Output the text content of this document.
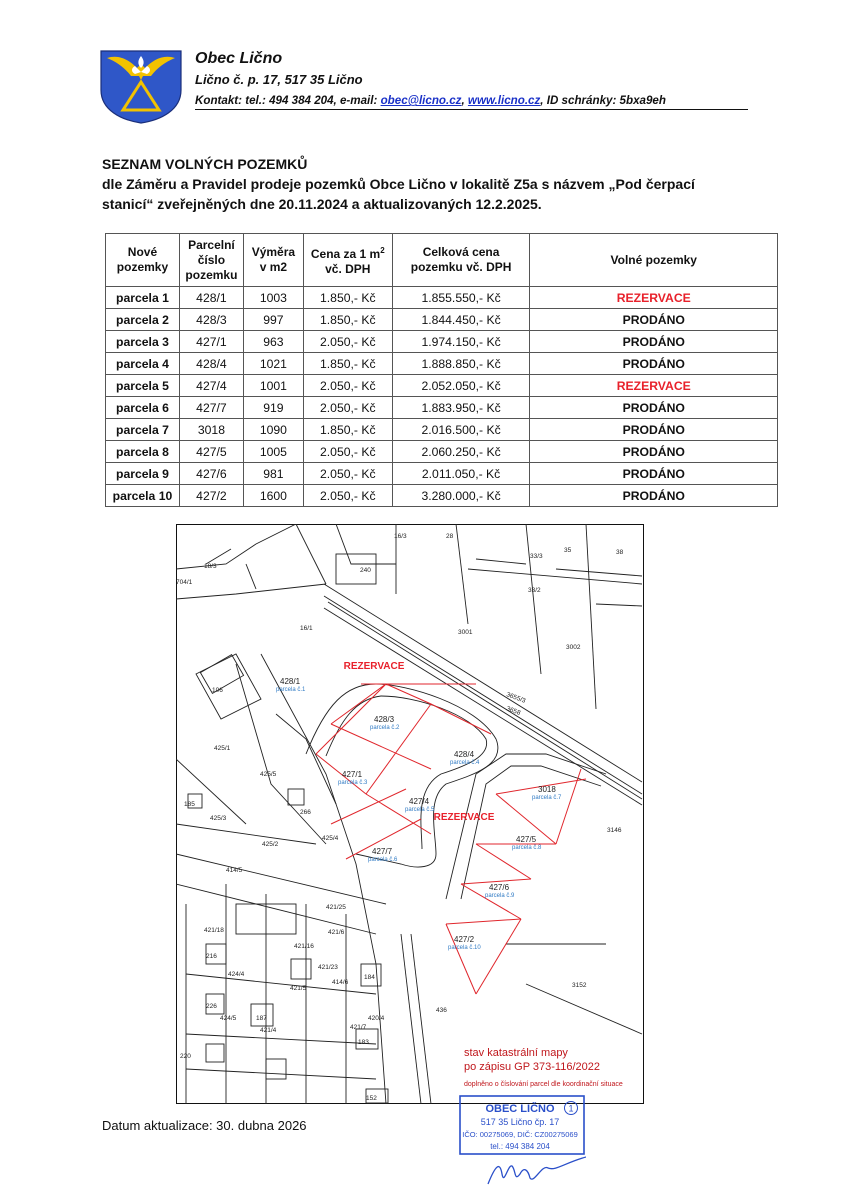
Obec Lično
Lično č. p. 17, 517 35 Lično
Kontakt: tel.: 494 384 204, e-mail: obec@licno.cz, www.licno.cz, ID schránky: 5bxa9eh
SEZNAM VOLNÝCH POZEMKŮ
dle Záměru a Pravidel prodeje pozemků Obce Lično v lokalitě Z5a s názvem „Pod čerpací
stanicí“ zveřejněných dne 20.11.2024 a aktualizovaných 12.2.2025.
Nové
pozemky	Parcelní
číslo
pozemku	Výměra
v m2	Cena za 1 $m^2$
vč. DPH	Celková cena
pozemku vč. DPH	Volné pozemky
parcela 1	428/1	1003	1.850,- Kč	1.855.550,- Kč	REZERVACE
parcela 2	428/3	997	1.850,- Kč	1.844.450,- Kč	PRODÁNO
parcela 3	427/1	963	2.050,- Kč	1.974.150,- Kč	PRODÁNO
parcela 4	428/4	1021	1.850,- Kč	1.888.850,- Kč	PRODÁNO
parcela 5	427/4	1001	2.050,- Kč	2.052.050,- Kč	REZERVACE
parcela 6	427/7	919	2.050,- Kč	1.883.950,- Kč	PRODÁNO
parcela 7	3018	1090	1.850,- Kč	2.016.500,- Kč	PRODÁNO
parcela 8	427/5	1005	2.050,- Kč	2.060.250,- Kč	PRODÁNO
parcela 9	427/6	981	2.050,- Kč	2.011.050,- Kč	PRODÁNO
parcela 10	427/2	1600	2.050,- Kč	3.280.000,- Kč	PRODÁNO
REZERVACE
REZERVACE
428/1
parcela č.1
428/3
parcela č.2
427/1
parcela č.3
428/4
parcela č.4
427/4
parcela č.5
427/7
parcela č.6
3018
parcela č.7
427/5
parcela č.8
427/6
parcela č.9
427/2
parcela č.10
3001
3002
3146
3152
16/1
425/1
425/3
425/2
425/4
425/5
424/4
424/5
421/4
421/5
421/7
421/25
421/23
421/6
421/16
421/18
106
185
266
216
226
220
187
184
183
152
414/5
414/6
420/4
436
28
35	38
33/3
33/2
16/3
240
18/3
704/1
3655/3
3658
stav katastrální mapy
po zápisu GP 373-116/2022
doplněno o číslování parcel dle koordinační situace
Datum aktualizace: 30. dubna 2026
1
OBEC LIČNO
517 35 Lično čp. 17
IČO: 00275069, DIČ: CZ00275069
tel.: 494 384 204
